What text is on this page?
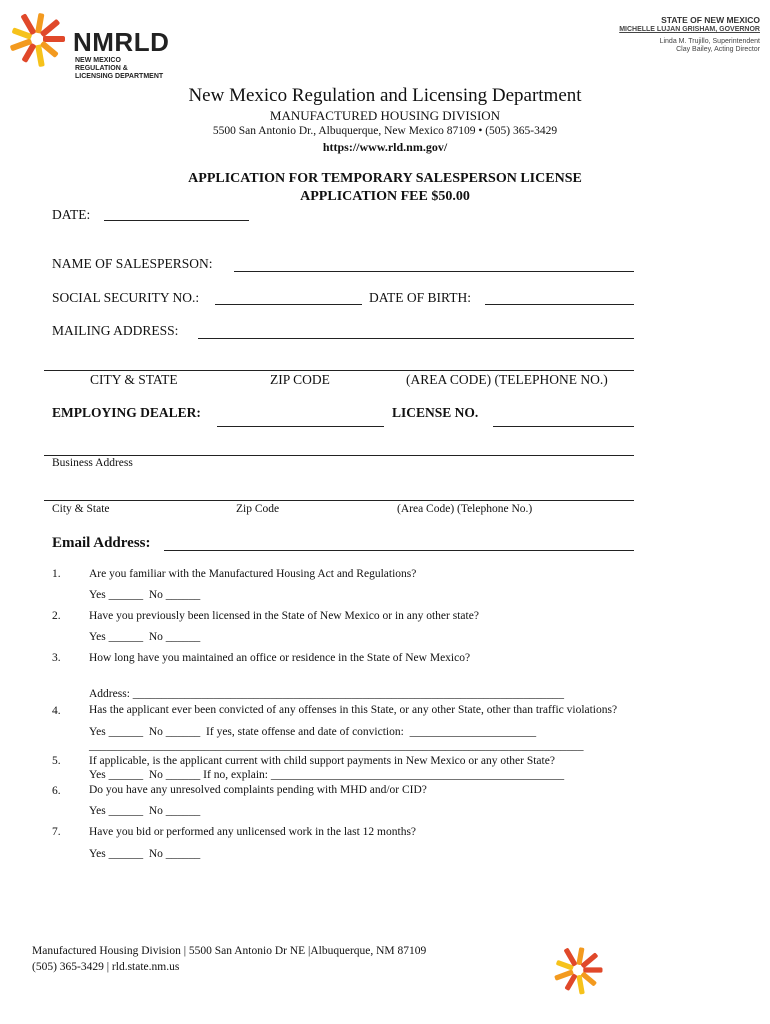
NMRLD
NEW MEXICO
REGULATION &
LICENSING DEPARTMENT
STATE OF NEW MEXICO
MICHELLE LUJAN GRISHAM, GOVERNOR
Linda M. Trujillo, Superintendent
Clay Bailey, Acting Director
New Mexico Regulation and Licensing Department
MANUFACTURED HOUSING DIVISION
5500 San Antonio Dr., Albuquerque, New Mexico 87109 • (505) 365-3429
https://www.rld.nm.gov/
APPLICATION FOR TEMPORARY SALESPERSON LICENSE
APPLICATION FEE $50.00
DATE:
NAME OF SALESPERSON:
SOCIAL SECURITY NO.:	DATE OF BIRTH:
MAILING ADDRESS:
CITY & STATE	ZIP CODE	(AREA CODE) (TELEPHONE NO.)
EMPLOYING DEALER:	LICENSE NO.
Business Address
City & State	Zip Code	(Area Code) (Telephone No.)
Email Address:
1. Are you familiar with the Manufactured Housing Act and Regulations?
Yes ______  No ______
2. Have you previously been licensed in the State of New Mexico or in any other state?
Yes ______  No ______
3. How long have you maintained an office or residence in the State of New Mexico?
Address: ___________________________________________________________________________
4. Has the applicant ever been convicted of any offenses in this State, or any other State, other than traffic violations?
Yes ______  No ______  If yes, state offense and date of conviction:  ______________________
______________________________________________________________________________________
5. If applicable, is the applicant current with child support payments in New Mexico or any other State?
Yes ______  No ______ If no, explain: ___________________________________________________
6. Do you have any unresolved complaints pending with MHD and/or CID?
Yes ______  No ______
7. Have you bid or performed any unlicensed work in the last 12 months?
Yes ______  No ______
Manufactured Housing Division | 5500 San Antonio Dr NE |Albuquerque, NM 87109
(505) 365-3429 | rld.state.nm.us
